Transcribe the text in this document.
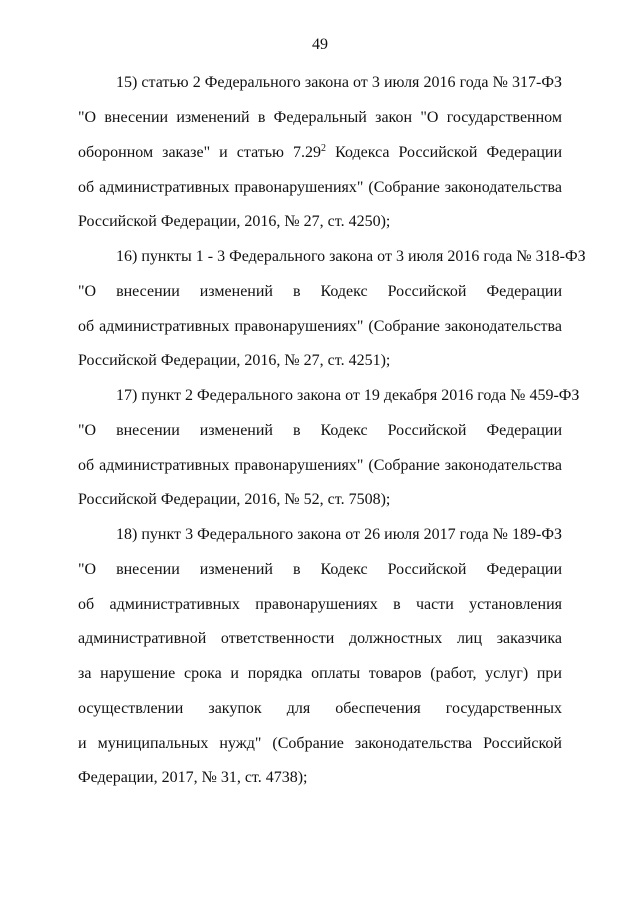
49
15) статью 2 Федерального закона от 3 июля 2016 года № 317-ФЗ
"О внесении изменений в Федеральный закон "О государственном
оборонном заказе" и статью 7.29$^2$ Кодекса Российской Федерации
об административных правонарушениях" (Собрание законодательства
Российской Федерации, 2016, № 27, ст. 4250);
16) пункты 1 - 3 Федерального закона от 3 июля 2016 года № 318-ФЗ
"О внесении изменений в Кодекс Российской Федерации
об административных правонарушениях" (Собрание законодательства
Российской Федерации, 2016, № 27, ст. 4251);
17) пункт 2 Федерального закона от 19 декабря 2016 года № 459-ФЗ
"О внесении изменений в Кодекс Российской Федерации
об административных правонарушениях" (Собрание законодательства
Российской Федерации, 2016, № 52, ст. 7508);
18) пункт 3 Федерального закона от 26 июля 2017 года № 189-ФЗ
"О внесении изменений в Кодекс Российской Федерации
об административных правонарушениях в части установления
административной ответственности должностных лиц заказчика
за нарушение срока и порядка оплаты товаров (работ, услуг) при
осуществлении закупок для обеспечения государственных
и муниципальных нужд" (Собрание законодательства Российской
Федерации, 2017, № 31, ст. 4738);
